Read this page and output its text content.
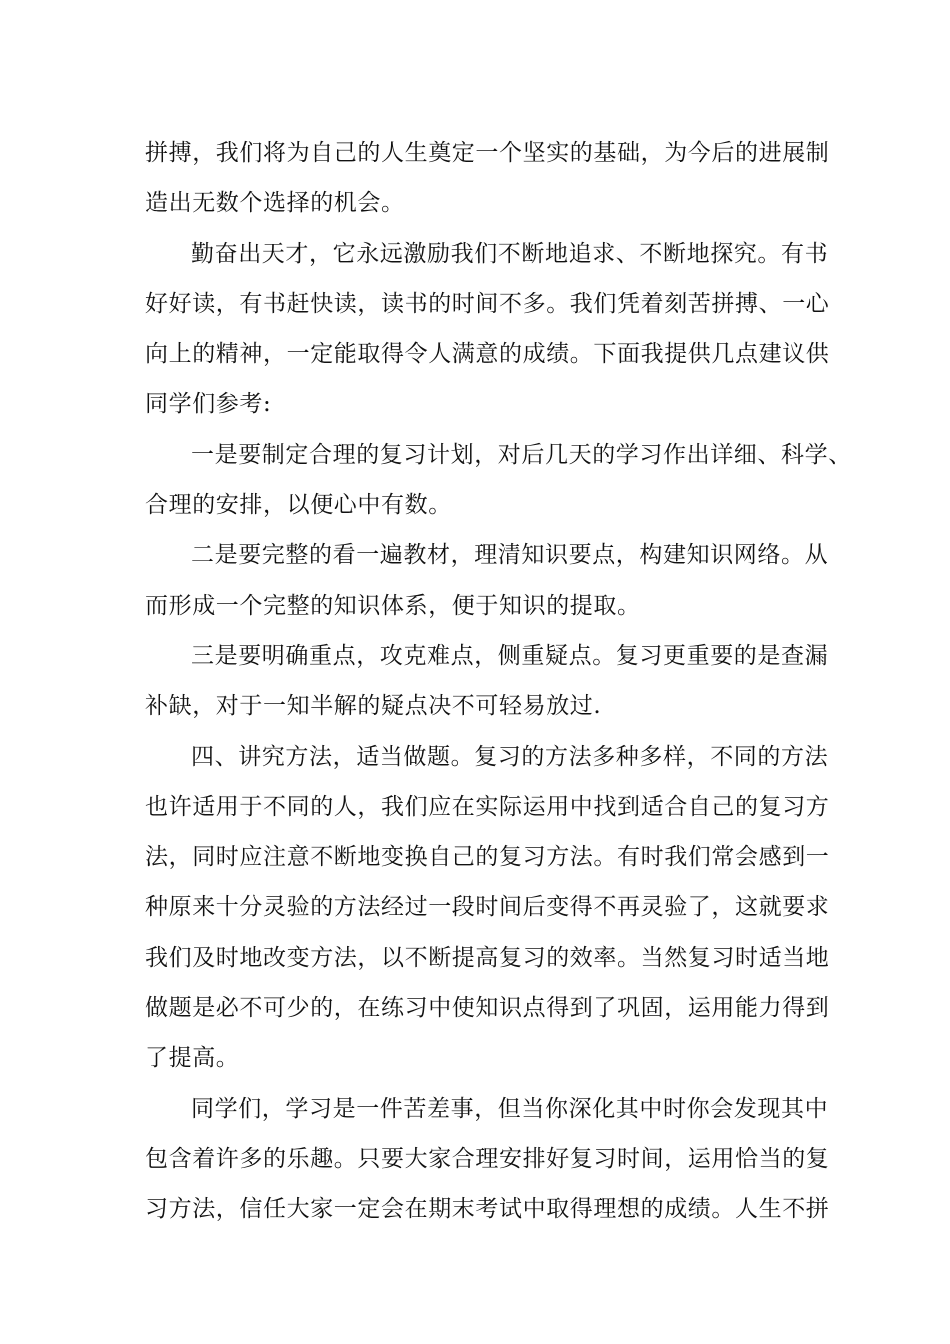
拼搏，我们将为自己的人生奠定一个坚实的基础，为今后的进展制
造出无数个选择的机会。
勤奋出天才，它永远激励我们不断地追求、不断地探究。有书
好好读，有书赶快读，读书的时间不多。我们凭着刻苦拼搏、一心
向上的精神，一定能取得令人满意的成绩。下面我提供几点建议供
同学们参考:
一是要制定合理的复习计划，对后几天的学习作出详细、科学、
合理的安排，以便心中有数。
二是要完整的看一遍教材，理清知识要点，构建知识网络。从
而形成一个完整的知识体系，便于知识的提取。
三是要明确重点，攻克难点，侧重疑点。复习更重要的是查漏
补缺，对于一知半解的疑点决不可轻易放过.
四、讲究方法，适当做题。复习的方法多种多样，不同的方法
也许适用于不同的人，我们应在实际运用中找到适合自己的复习方
法，同时应注意不断地变换自己的复习方法。有时我们常会感到一
种原来十分灵验的方法经过一段时间后变得不再灵验了，这就要求
我们及时地改变方法，以不断提高复习的效率。当然复习时适当地
做题是必不可少的，在练习中使知识点得到了巩固，运用能力得到
了提高。
同学们，学习是一件苦差事，但当你深化其中时你会发现其中
包含着许多的乐趣。只要大家合理安排好复习时间，运用恰当的复
习方法，信任大家一定会在期末考试中取得理想的成绩。人生不拼
